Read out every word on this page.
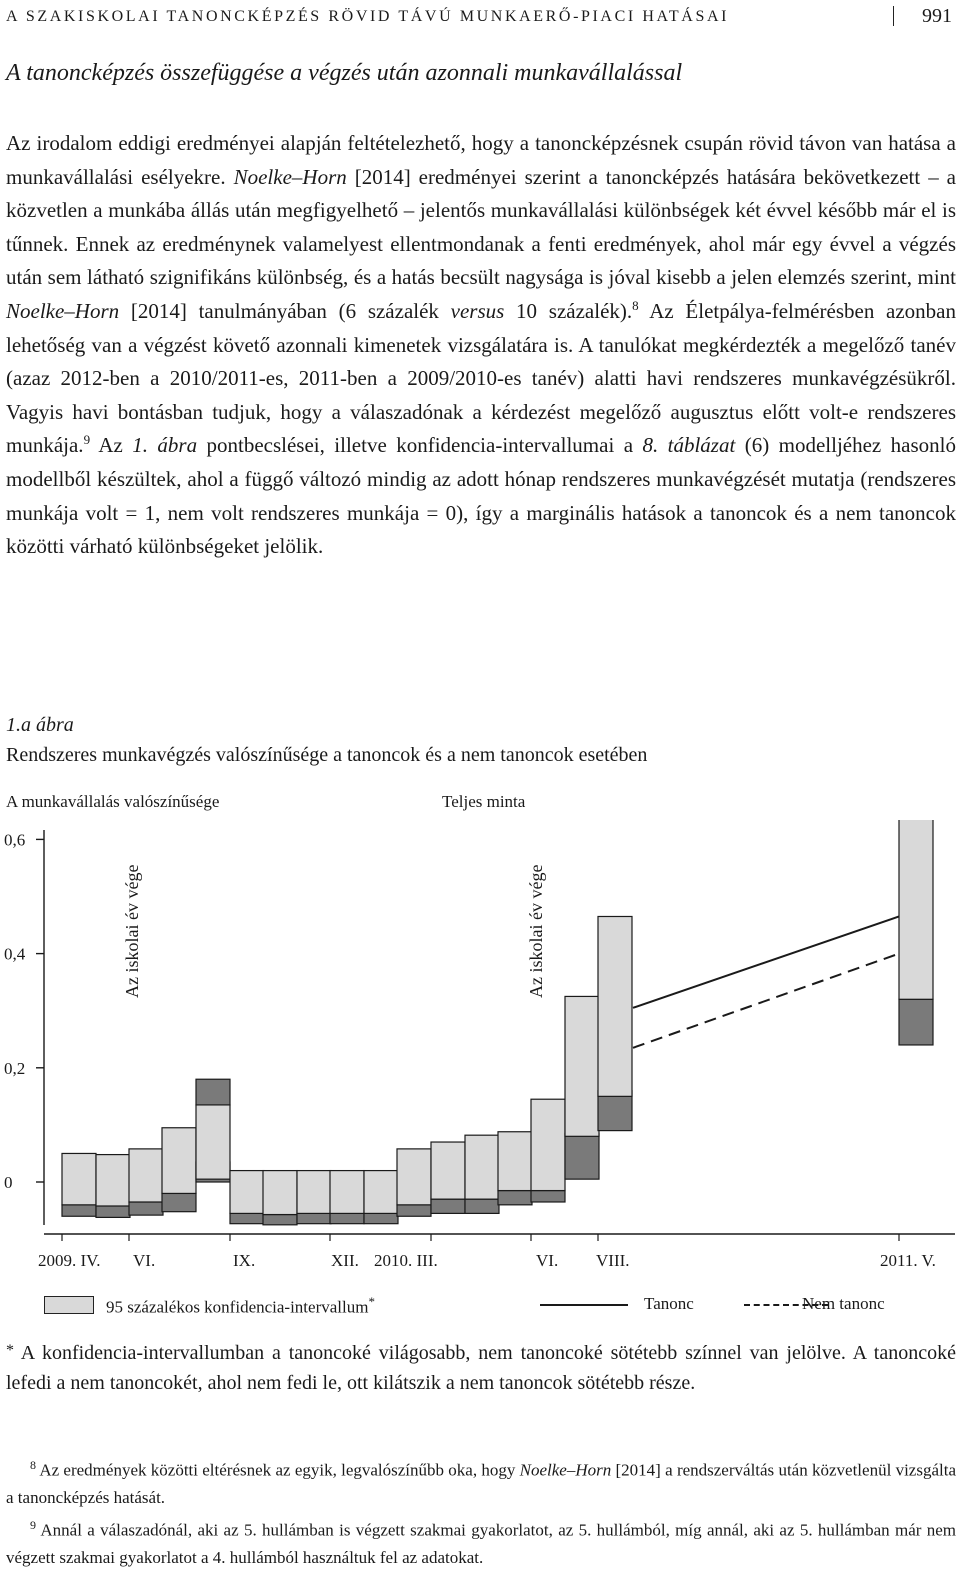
A SZAKISKOLAI TANONCKÉPZÉS RÖVID TÁVÚ MUNKAERŐ-PIACI HATÁSAI	991
A tanoncképzés összefüggése a végzés után azonnali munkavállalással
Az irodalom eddigi eredményei alapján feltételezhető, hogy a tanoncképzésnek csupán rövid távon van hatása a munkavállalási esélyekre. Noelke–Horn [2014] eredményei szerint a tanoncképzés hatására bekövetkezett – a közvetlen a munkába állás után megfigyelhető – jelentős munkavállalási különbségek két évvel később már el is tűnnek. Ennek az eredménynek valamelyest ellentmondanak a fenti eredmények, ahol már egy évvel a végzés után sem látható szignifikáns különbség, és a hatás becsült nagysága is jóval kisebb a jelen elemzés szerint, mint Noelke–Horn [2014] tanulmányában (6 százalék versus 10 százalék).$^8$ Az Életpálya-felmérésben azonban lehetőség van a végzést követő azonnali kimenetek vizsgálatára is. A tanulókat megkérdezték a megelőző tanév (azaz 2012-ben a 2010/2011-es, 2011-ben a 2009/2010-es tanév) alatti havi rendszeres munkavégzésükről. Vagyis havi bontásban tudjuk, hogy a válaszadónak a kérdezést megelőző augusztus előtt volt-e rendszeres munkája.$^9$ Az 1. ábra pontbecslései, illetve konfidencia-intervallumai a 8. táblázat (6) modelljéhez hasonló modellből készültek, ahol a függő változó mindig az adott hónap rendszeres munkavégzését mutatja (rendszeres munkája volt = 1, nem volt rendszeres munkája = 0), így a marginális hatások a tanoncok és a nem tanoncok közötti várható különbségeket jelölik.
1.a ábra
Rendszeres munkavégzés valószínűsége a tanoncok és a nem tanoncok esetében
A munkavállalás valószínűsége	Teljes minta
0
0,2
0,4
0,6
2009. IV. VI.	IX.	XII. 2010. III.	VI. VIII.	2011. V.
Az iskolai év vége	Az iskolai év vége
95 százalékos konfidencia-intervallum*	Tanonc	Nem tanonc
* A konfidencia-intervallumban a tanoncoké világosabb, nem tanoncoké sötétebb színnel van jelölve. A tanoncoké lefedi a nem tanoncokét, ahol nem fedi le, ott kilátszik a nem tanoncok sötétebb része.

$^8$ Az eredmények közötti eltérésnek az egyik, legvalószínűbb oka, hogy Noelke–Horn [2014] a rendszerváltás után közvetlenül vizsgálta a tanoncképzés hatását.

$^9$ Annál a válaszadónál, aki az 5. hullámban is végzett szakmai gyakorlatot, az 5. hullámból, míg annál, aki az 5. hullámban már nem végzett szakmai gyakorlatot a 4. hullámból használtuk fel az adatokat.
